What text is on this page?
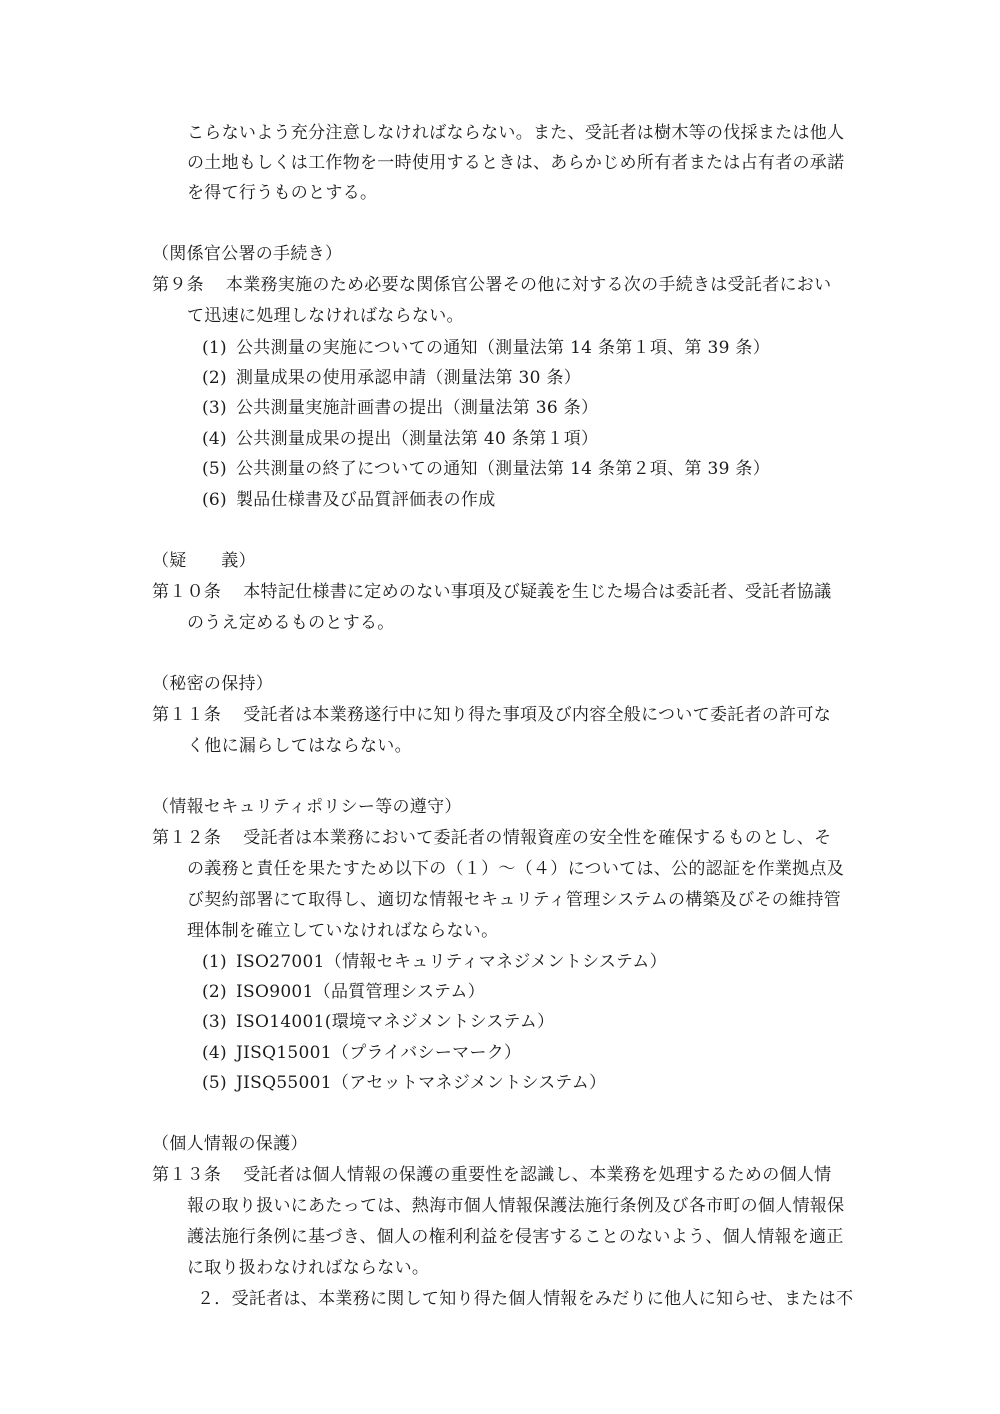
こらないよう充分注意しなければならない。また、受託者は樹木等の伐採または他人
の土地もしくは工作物を一時使用するときは、あらかじめ所有者または占有者の承諾
を得て行うものとする。
（関係官公署の手続き）
第９条 本業務実施のため必要な関係官公署その他に対する次の手続きは受託者におい
て迅速に処理しなければならない。
(1) 公共測量の実施についての通知（測量法第 14 条第１項、第 39 条）
(2) 測量成果の使用承認申請（測量法第 30 条）
(3) 公共測量実施計画書の提出（測量法第 36 条）
(4) 公共測量成果の提出（測量法第 40 条第１項）
(5) 公共測量の終了についての通知（測量法第 14 条第２項、第 39 条）
(6) 製品仕様書及び品質評価表の作成
（疑　　義）
第１０条 本特記仕様書に定めのない事項及び疑義を生じた場合は委託者、受託者協議
のうえ定めるものとする。
（秘密の保持）
第１１条 受託者は本業務遂行中に知り得た事項及び内容全般について委託者の許可な
く他に漏らしてはならない。
（情報セキュリティポリシー等の遵守）
第１２条 受託者は本業務において委託者の情報資産の安全性を確保するものとし、そ
の義務と責任を果たすため以下の（１）～（４）については、公的認証を作業拠点及
び契約部署にて取得し、適切な情報セキュリティ管理システムの構築及びその維持管
理体制を確立していなければならない。
(1) ISO27001（情報セキュリティマネジメントシステム）
(2) ISO9001（品質管理システム）
(3) ISO14001(環境マネジメントシステム）
(4) JISQ15001（プライバシーマーク）
(5) JISQ55001（アセットマネジメントシステム）
（個人情報の保護）
第１３条 受託者は個人情報の保護の重要性を認識し、本業務を処理するための個人情
報の取り扱いにあたっては、熱海市個人情報保護法施行条例及び各市町の個人情報保
護法施行条例に基づき、個人の権利利益を侵害することのないよう、個人情報を適正
に取り扱わなければならない。
２．受託者は、本業務に関して知り得た個人情報をみだりに他人に知らせ、または不
